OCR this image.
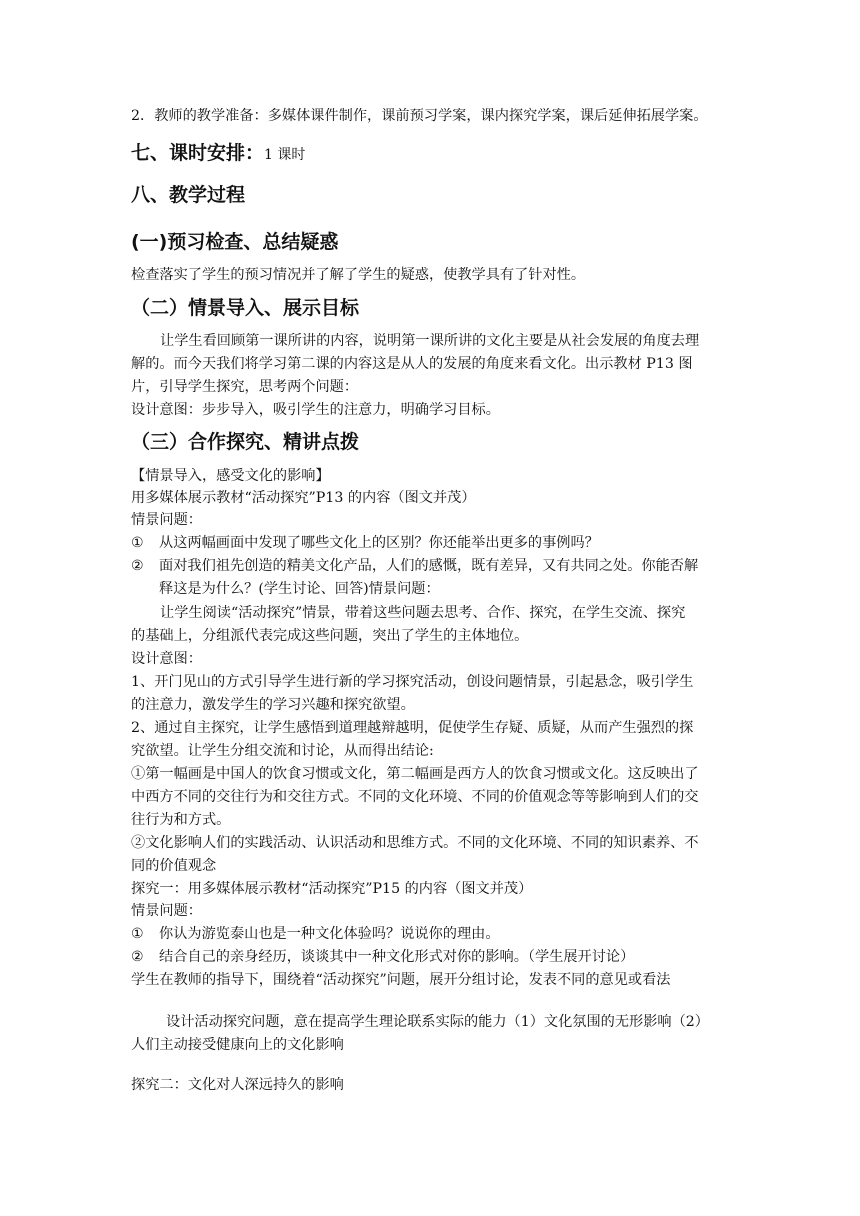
2．教师的教学准备：多媒体课件制作，课前预习学案，课内探究学案，课后延伸拓展学案。
七、课时安排：1 课时
八、教学过程
(一)预习检查、总结疑惑
检查落实了学生的预习情况并了解了学生的疑惑，使教学具有了针对性。
（二）情景导入、展示目标
让学生看回顾第一课所讲的内容，说明第一课所讲的文化主要是从社会发展的角度去理
解的。而今天我们将学习第二课的内容这是从人的发展的角度来看文化。出示教材 P13 图
片，引导学生探究，思考两个问题：
设计意图：步步导入，吸引学生的注意力，明确学习目标。
（三）合作探究、精讲点拨
【情景导入，感受文化的影响】
用多媒体展示教材“活动探究”P13 的内容（图文并茂）
情景问题：
① 从这两幅画面中发现了哪些文化上的区别？你还能举出更多的事例吗？
② 面对我们祖先创造的精美文化产品，人们的感慨，既有差异，又有共同之处。你能否解
释这是为什么？(学生讨论、回答)情景问题：
让学生阅读“活动探究”情景，带着这些问题去思考、合作、探究，在学生交流、探究
的基础上，分组派代表完成这些问题，突出了学生的主体地位。
设计意图：
1、开门见山的方式引导学生进行新的学习探究活动，创设问题情景，引起悬念，吸引学生
的注意力，激发学生的学习兴趣和探究欲望。
2、通过自主探究，让学生感悟到道理越辩越明，促使学生存疑、质疑，从而产生强烈的探
究欲望。让学生分组交流和讨论，从而得出结论:
①第一幅画是中国人的饮食习惯或文化，第二幅画是西方人的饮食习惯或文化。这反映出了
中西方不同的交往行为和交往方式。不同的文化环境、不同的价值观念等等影响到人们的交
往行为和方式。
②文化影响人们的实践活动、认识活动和思维方式。不同的文化环境、不同的知识素养、不
同的价值观念
探究一：用多媒体展示教材“活动探究”P15 的内容（图文并茂）
情景问题：
① 你认为游览泰山也是一种文化体验吗？说说你的理由。
② 结合自己的亲身经历，谈谈其中一种文化形式对你的影响。（学生展开讨论）
学生在教师的指导下，围绕着“活动探究”问题，展开分组讨论，发表不同的意见或看法
设计活动探究问题，意在提高学生理论联系实际的能力（1）文化氛围的无形影响（2）
人们主动接受健康向上的文化影响
探究二：文化对人深远持久的影响
